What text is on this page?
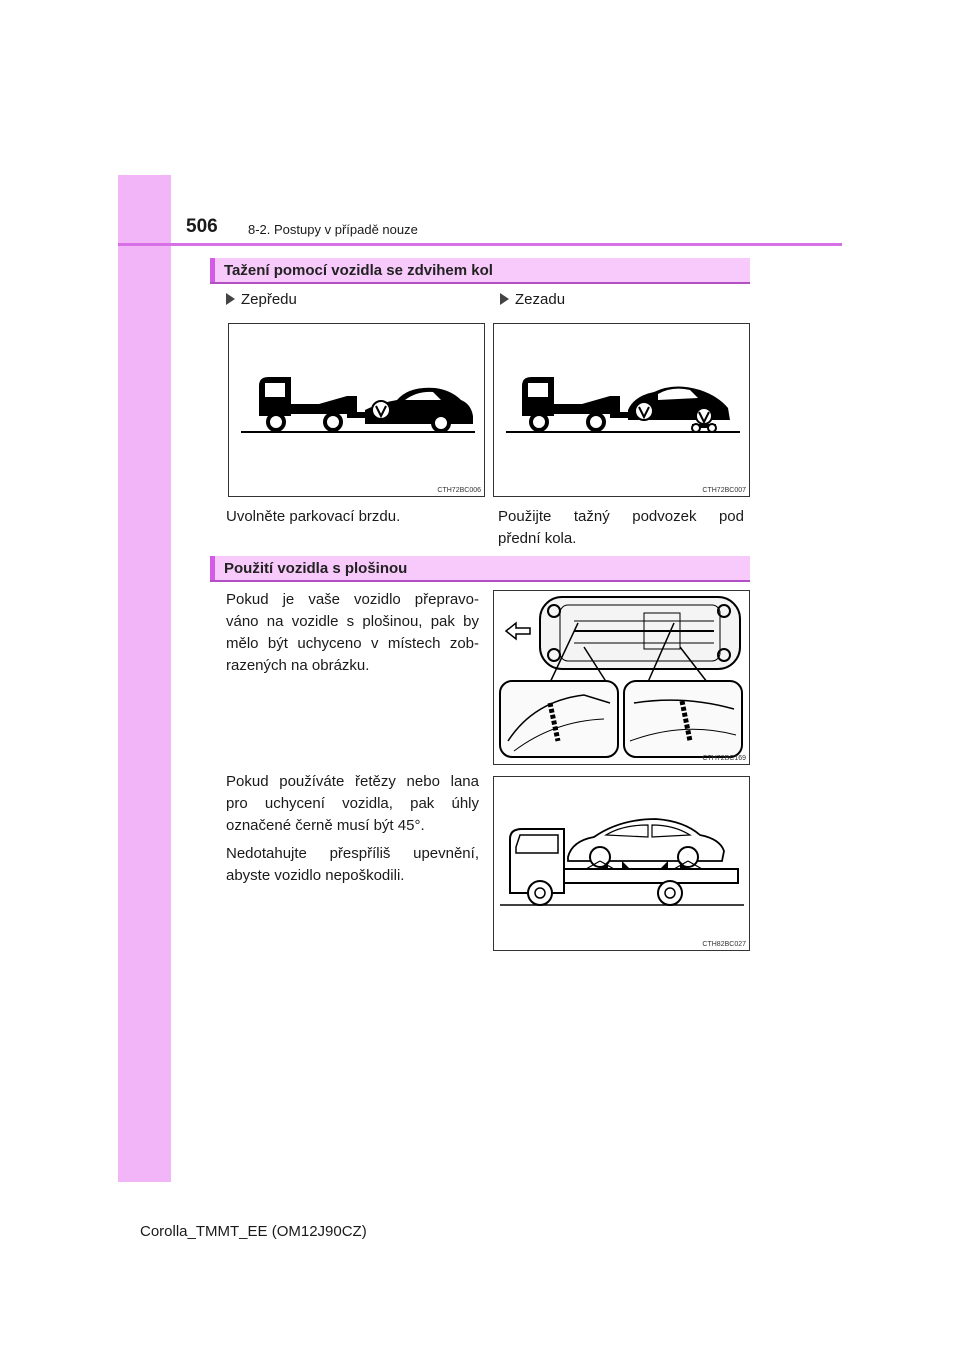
506 8-2. Postupy v případě nouze
Tažení pomocí vozidla se zdvihem kol
Zepředu	Zezadu
CTH72BC006	CTH72BC007
Uvolněte parkovací brzdu.	Použijte tažný podvozek pod
přední kola.
Použití vozidla s plošinou
Pokud je vaše vozidlo přepravo-
váno na vozidle s plošinou, pak by
mělo být uchyceno v místech zob-
razených na obrázku.
CTH72BC169
Pokud používáte řetězy nebo lana
pro uchycení vozidla, pak úhly
označené černě musí být 45°.
Nedotahujte přespříliš upevnění,
abyste vozidlo nepoškodili.
CTH82BC027
Corolla_TMMT_EE (OM12J90CZ)
